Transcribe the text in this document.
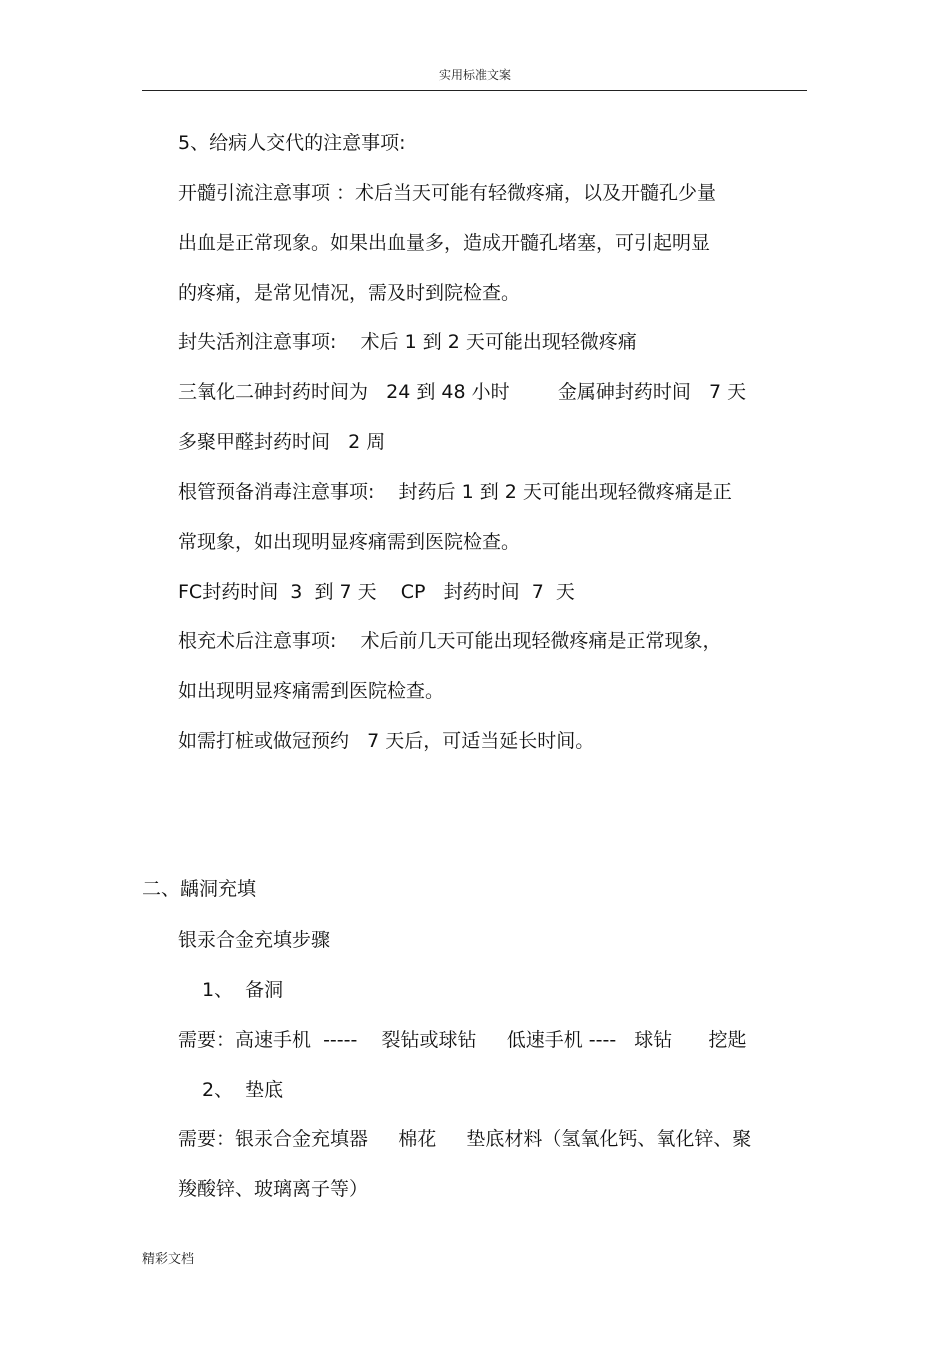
实用标准文案
5、给病人交代的注意事项:
开髓引流注意事项 ：术后当天可能有轻微疼痛，以及开髓孔少量
出血是正常现象。如果出血量多，造成开髓孔堵塞，可引起明显
的疼痛，是常见情况，需及时到院检查。
封失活剂注意事项:    术后 1 到 2 天可能出现轻微疼痛
三氧化二砷封药时间为   24 到 48 小时        金属砷封药时间   7 天
多聚甲醛封药时间   2 周
根管预备消毒注意事项:    封药后 1 到 2 天可能出现轻微疼痛是正
常现象，如出现明显疼痛需到医院检查。
FC封药时间  3  到 7 天    CP   封药时间  7  天
根充术后注意事项:    术后前几天可能出现轻微疼痛是正常现象，
如出现明显疼痛需到医院检查。
如需打桩或做冠预约   7 天后，可适当延长时间。
二、龋洞充填
银汞合金充填步骤
1、  备洞
需要：高速手机  -----    裂钻或球钻     低速手机 ----   球钻      挖匙
2、  垫底
需要：银汞合金充填器     棉花     垫底材料（氢氧化钙、氧化锌、聚
羧酸锌、玻璃离子等）
精彩文档
